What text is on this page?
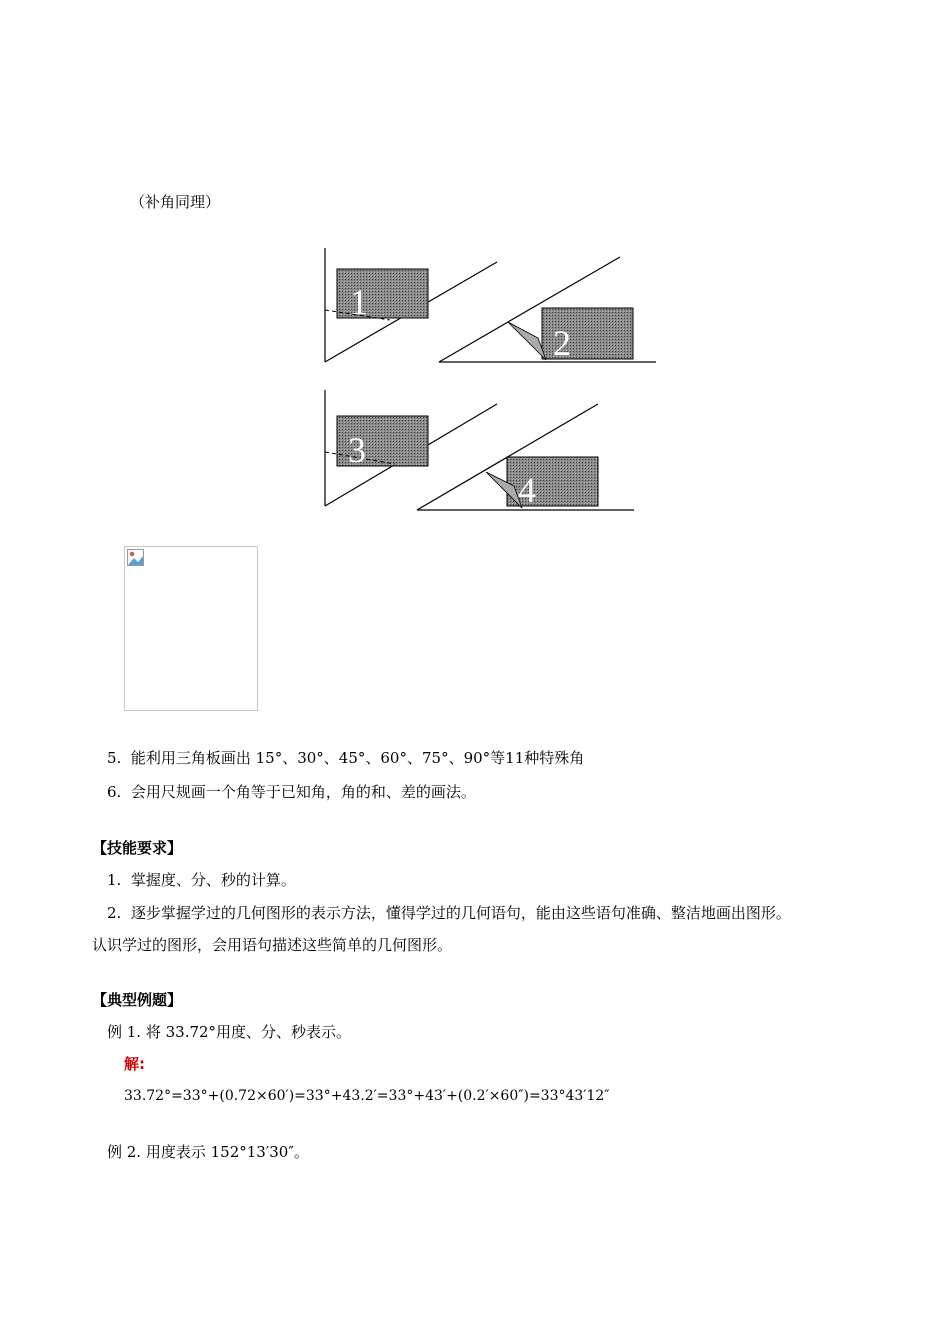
（补角同理）
1
2
3
4
5. 能利用三角板画出 15°、30°、45°、60°、75°、90°等11种特殊角
6. 会用尺规画一个角等于已知角，角的和、差的画法。
【技能要求】
1. 掌握度、分、秒的计算。
2. 逐步掌握学过的几何图形的表示方法，懂得学过的几何语句，能由这些语句准确、整洁地画出图形。
认识学过的图形，会用语句描述这些简单的几何图形。
【典型例题】
例 1. 将 33.72°用度、分、秒表示。
解:
33.72°=33°+(0.72×60′)=33°+43.2′=33°+43′+(0.2′×60″)=33°43′12″
例 2. 用度表示 152°13′30″。
